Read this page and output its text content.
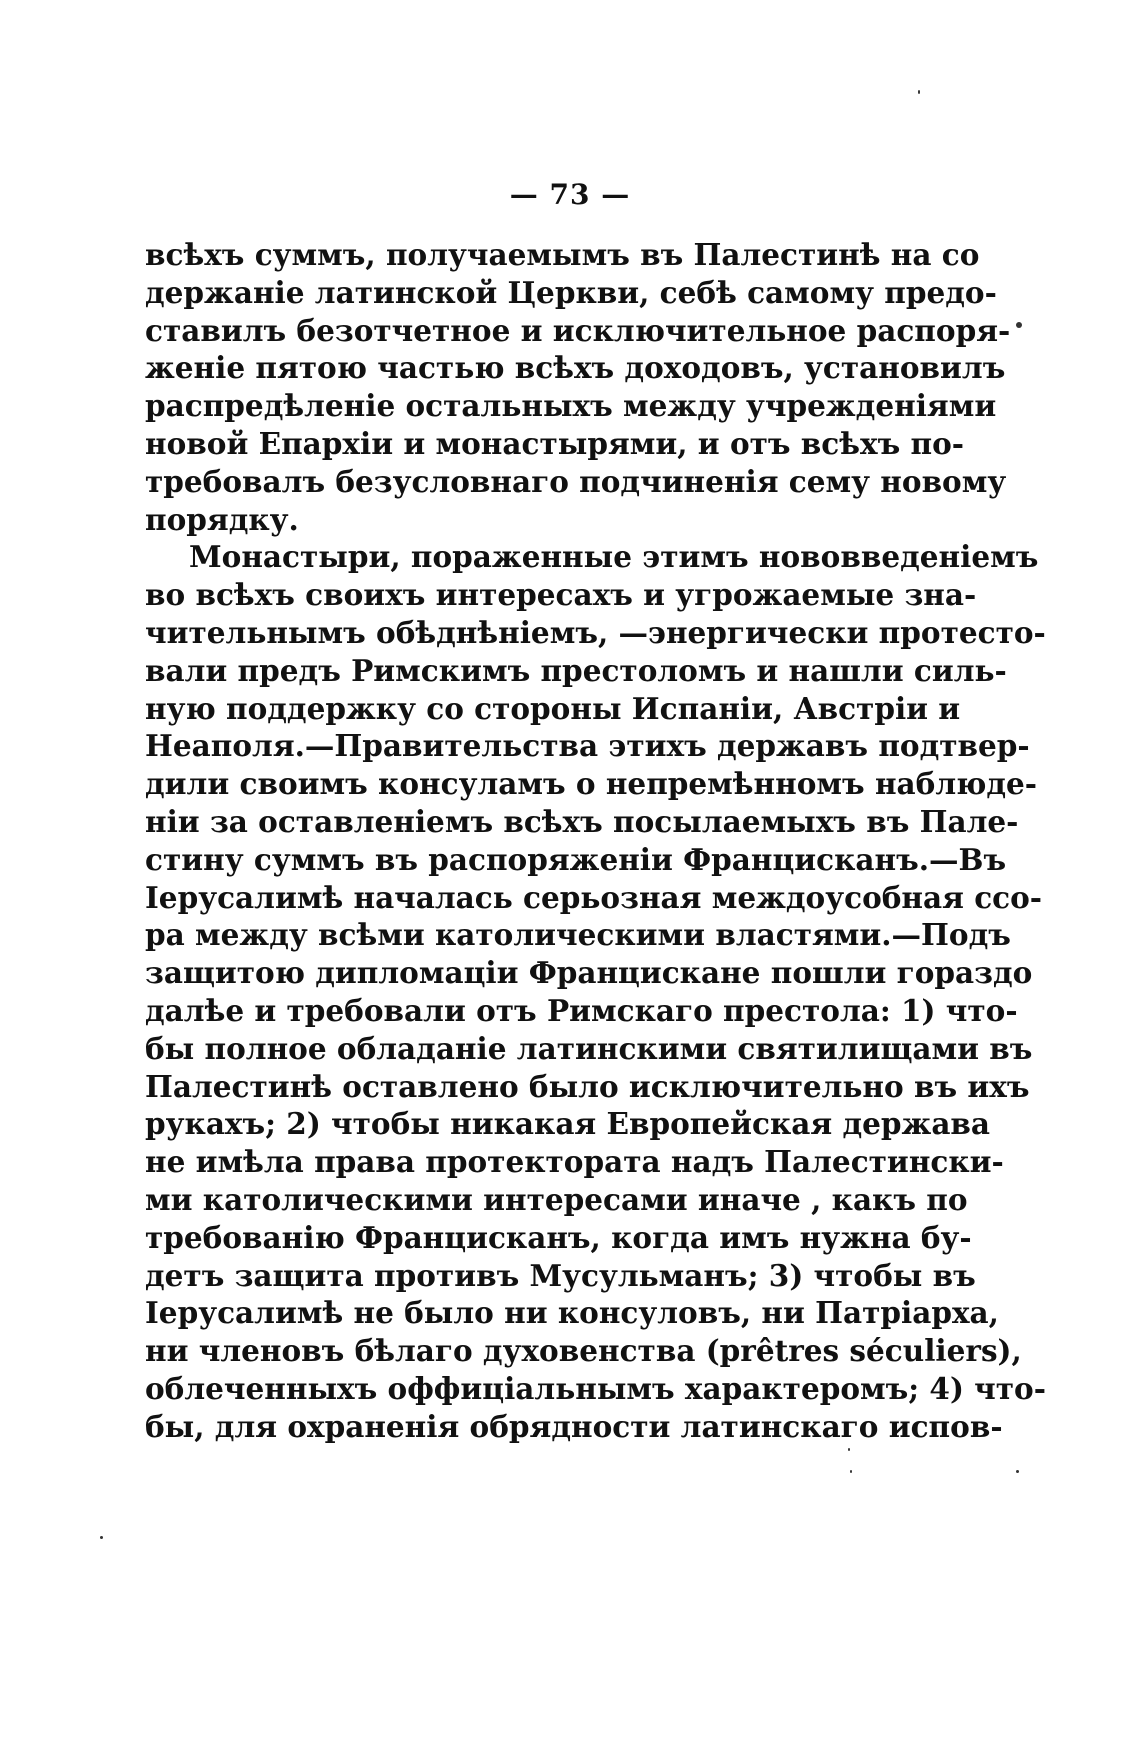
— 73 —
всѣхъ суммъ, получаемымъ въ Палестинѣ на со
держаніе латинской Церкви, себѣ самому предо-
ставилъ безотчетное и исключительное распоря-
женіе пятою частью всѣхъ доходовъ, установилъ
распредѣленіе остальныхъ между учрежденіями
новой Епархіи и монастырями, и отъ всѣхъ по-
требовалъ безусловнаго подчиненія сему новому
порядку.
Монастыри, пораженные этимъ нововведеніемъ
во всѣхъ своихъ интересахъ и угрожаемые зна-
чительнымъ обѣднѣніемъ, —энергически протесто-
вали предъ Римскимъ престоломъ и нашли силь-
ную поддержку со стороны Испаніи, Австріи и
Неаполя.—Правительства этихъ державъ подтвер-
дили своимъ консуламъ о непремѣнномъ наблюде-
ніи за оставленіемъ всѣхъ посылаемыхъ въ Пале-
стину суммъ въ распоряженіи Францисканъ.—Въ
Іерусалимѣ началась серьозная междоусобная ссо-
ра между всѣми католическими властями.—Подъ
защитою дипломаціи Францискане пошли гораздо
далѣе и требовали отъ Римскаго престола: 1) что-
бы полное обладаніе латинскими святилищами въ
Палестинѣ оставлено было исключительно въ ихъ
рукахъ; 2) чтобы никакая Европейская держава
не имѣла права протектората надъ Палестински-
ми католическими интересами иначе , какъ по
требованію Францисканъ, когда имъ нужна бу-
детъ защита противъ Мусульманъ; 3) чтобы въ
Іерусалимѣ не было ни консуловъ, ни Патріарха,
ни членовъ бѣлаго духовенства (prêtres séculiers),
облеченныхъ оффиціальнымъ характеромъ; 4) что-
бы, для охраненія обрядности латинскаго испов-
